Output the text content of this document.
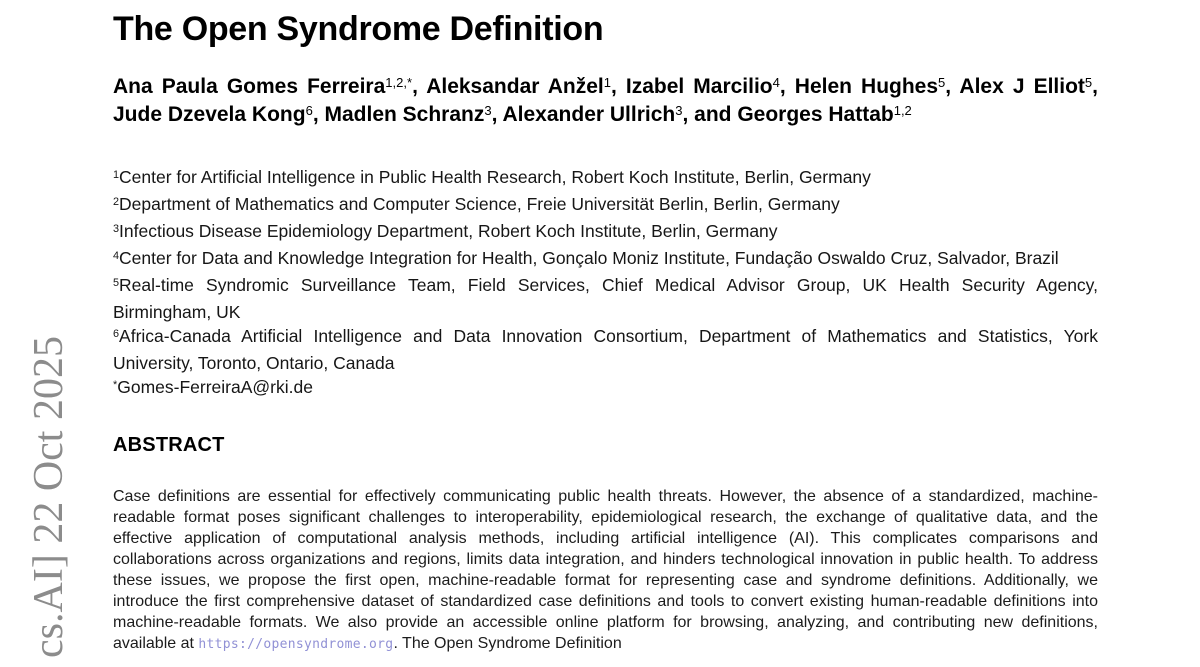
cs.AI] 22 Oct 2025
The Open Syndrome Definition
Ana Paula Gomes Ferreira$^{1,2,*}$, Aleksandar Anžel$^1$, Izabel Marcilio$^4$, Helen Hughes$^5$, Alex J Elliot$^5$, Jude Dzevela Kong$^6$, Madlen Schranz$^3$, Alexander Ullrich$^3$, and Georges Hattab$^{1,2}$
$^1$Center for Artificial Intelligence in Public Health Research, Robert Koch Institute, Berlin, Germany
$^2$Department of Mathematics and Computer Science, Freie Universität Berlin, Berlin, Germany
$^3$Infectious Disease Epidemiology Department, Robert Koch Institute, Berlin, Germany
$^4$Center for Data and Knowledge Integration for Health, Gonçalo Moniz Institute, Fundação Oswaldo Cruz, Salvador, Brazil
$^5$Real-time Syndromic Surveillance Team, Field Services, Chief Medical Advisor Group, UK Health Security Agency, Birmingham, UK
$^6$Africa-Canada Artificial Intelligence and Data Innovation Consortium, Department of Mathematics and Statistics, York University, Toronto, Ontario, Canada
*Gomes-FerreiraA@rki.de
ABSTRACT

Case definitions are essential for effectively communicating public health threats. However, the absence of a standardized, machine-readable format poses significant challenges to interoperability, epidemiological research, the exchange of qualitative data, and the effective application of computational analysis methods, including artificial intelligence (AI). This complicates comparisons and collaborations across organizations and regions, limits data integration, and hinders technological innovation in public health. To address these issues, we propose the first open, machine-readable format for representing case and syndrome definitions. Additionally, we introduce the first comprehensive dataset of standardized case definitions and tools to convert existing human-readable definitions into machine-readable formats. We also provide an accessible online platform for browsing, analyzing, and contributing new definitions, available at https://opensyndrome.org. The Open Syndrome Definition
